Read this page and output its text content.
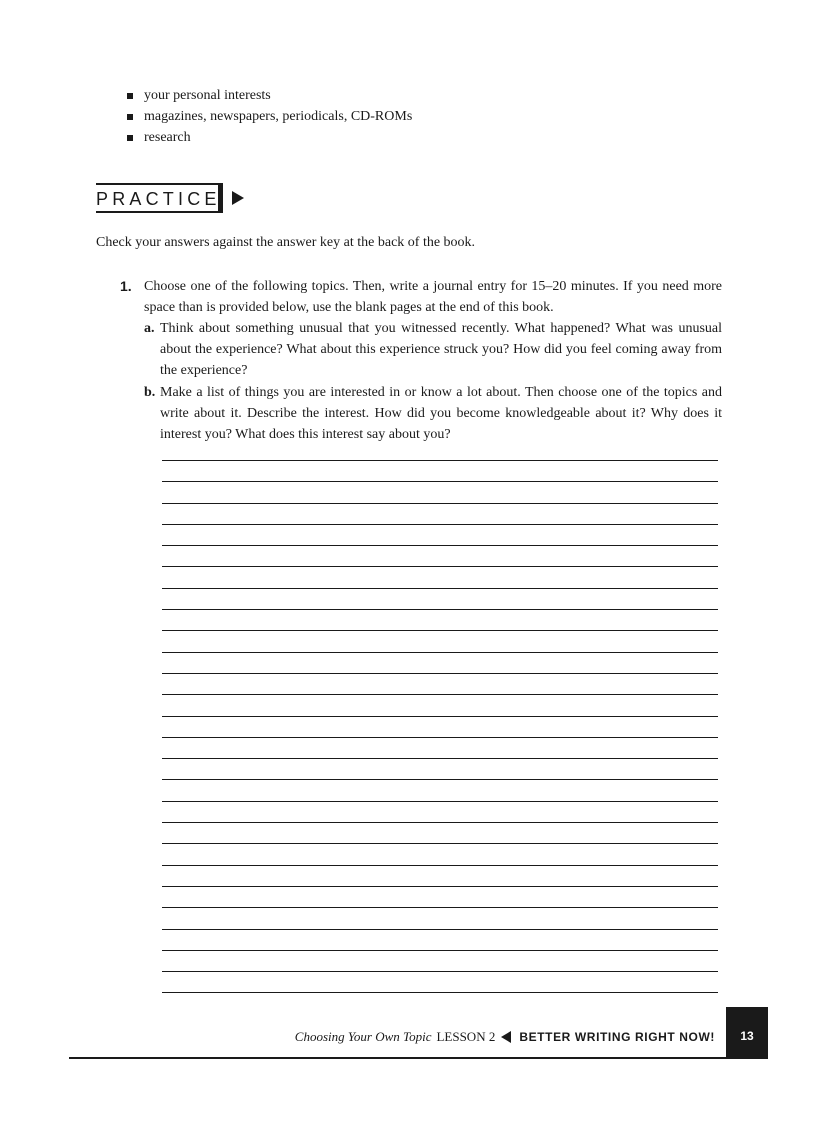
your personal interests
magazines, newspapers, periodicals, CD-ROMs
research
PRACTICE
Check your answers against the answer key at the back of the book.
1. Choose one of the following topics. Then, write a journal entry for 15–20 minutes. If you need more space than is provided below, use the blank pages at the end of this book.
a. Think about something unusual that you witnessed recently. What happened? What was unusual about the experience? What about this experience struck you? How did you feel coming away from the experience?
b. Make a list of things you are interested in or know a lot about. Then choose one of the topics and write about it. Describe the interest. How did you become knowledgeable about it? Why does it interest you? What does this interest say about you?
Choosing Your Own Topic LESSON 2 BETTER WRITING RIGHT NOW!	13
